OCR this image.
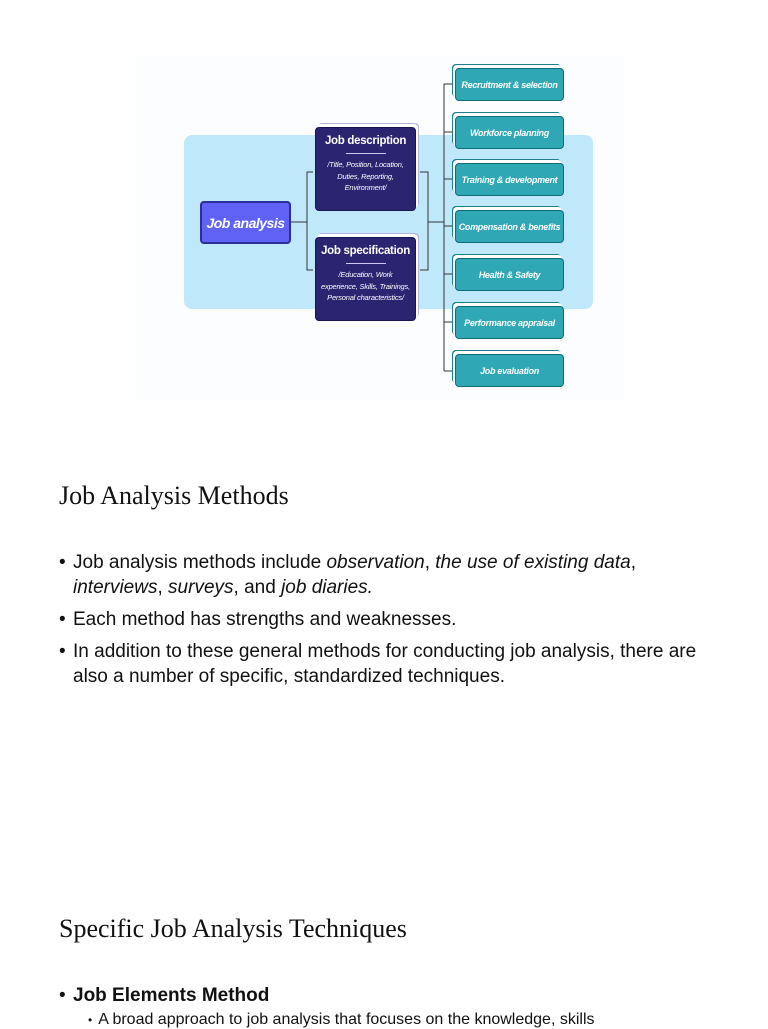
Job analysis
Job description
/Title, Position, Location, Duties, Reporting, Environment/
Job specification
/Education, Work experience, Skills, Trainings, Personal characteristics/
Recruitment & selection
Workforce planning
Training & development
Compensation & benefits
Health & Safety
Performance appraisal
Job evaluation
Job Analysis Methods
• Job analysis methods include observation, the use of existing data, interviews, surveys, and job diaries.
• Each method has strengths and weaknesses.
• In addition to these general methods for conducting job analysis, there are also a number of specific, standardized techniques.
Specific Job Analysis Techniques
• Job Elements Method
• A broad approach to job analysis that focuses on the knowledge, skills
